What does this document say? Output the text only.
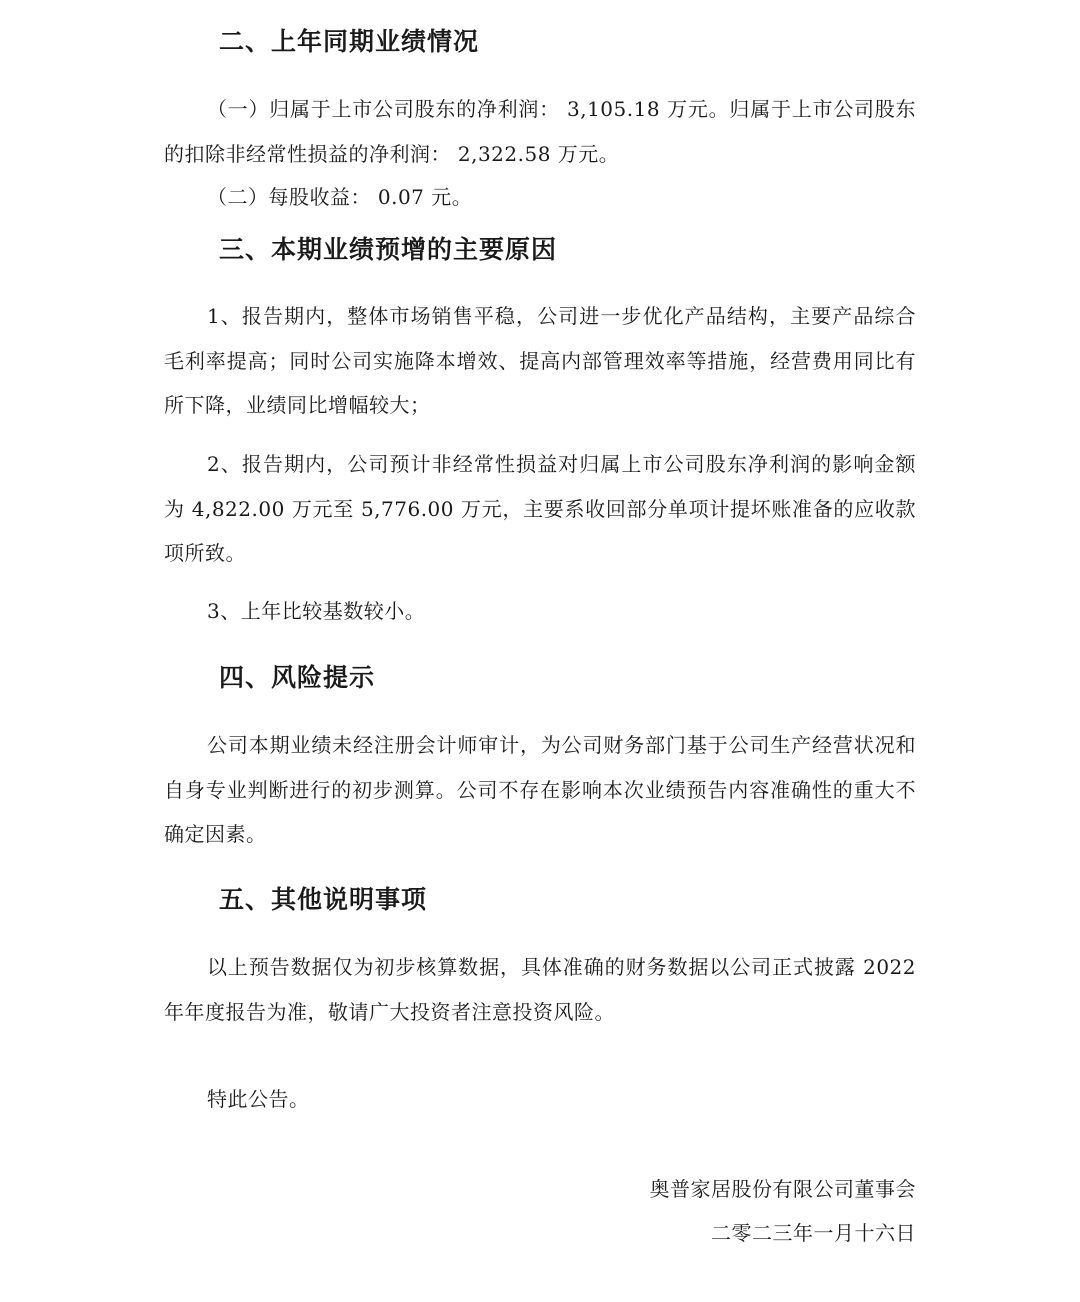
二、上年同期业绩情况

（一）归属于上市公司股东的净利润： 3,105.18 万元。归属于上市公司股东的扣除非经常性损益的净利润： 2,322.58 万元。

（二）每股收益： 0.07 元。

三、本期业绩预增的主要原因

1、报告期内，整体市场销售平稳，公司进一步优化产品结构，主要产品综合毛利率提高；同时公司实施降本增效、提高内部管理效率等措施，经营费用同比有所下降，业绩同比增幅较大；

2、报告期内，公司预计非经常性损益对归属上市公司股东净利润的影响金额为 4,822.00 万元至 5,776.00 万元，主要系收回部分单项计提坏账准备的应收款项所致。

3、上年比较基数较小。

四、风险提示

公司本期业绩未经注册会计师审计，为公司财务部门基于公司生产经营状况和自身专业判断进行的初步测算。公司不存在影响本次业绩预告内容准确性的重大不确定因素。

五、其他说明事项

以上预告数据仅为初步核算数据，具体准确的财务数据以公司正式披露 2022 年年度报告为准，敬请广大投资者注意投资风险。

特此公告。

奥普家居股份有限公司董事会
二零二三年一月十六日
